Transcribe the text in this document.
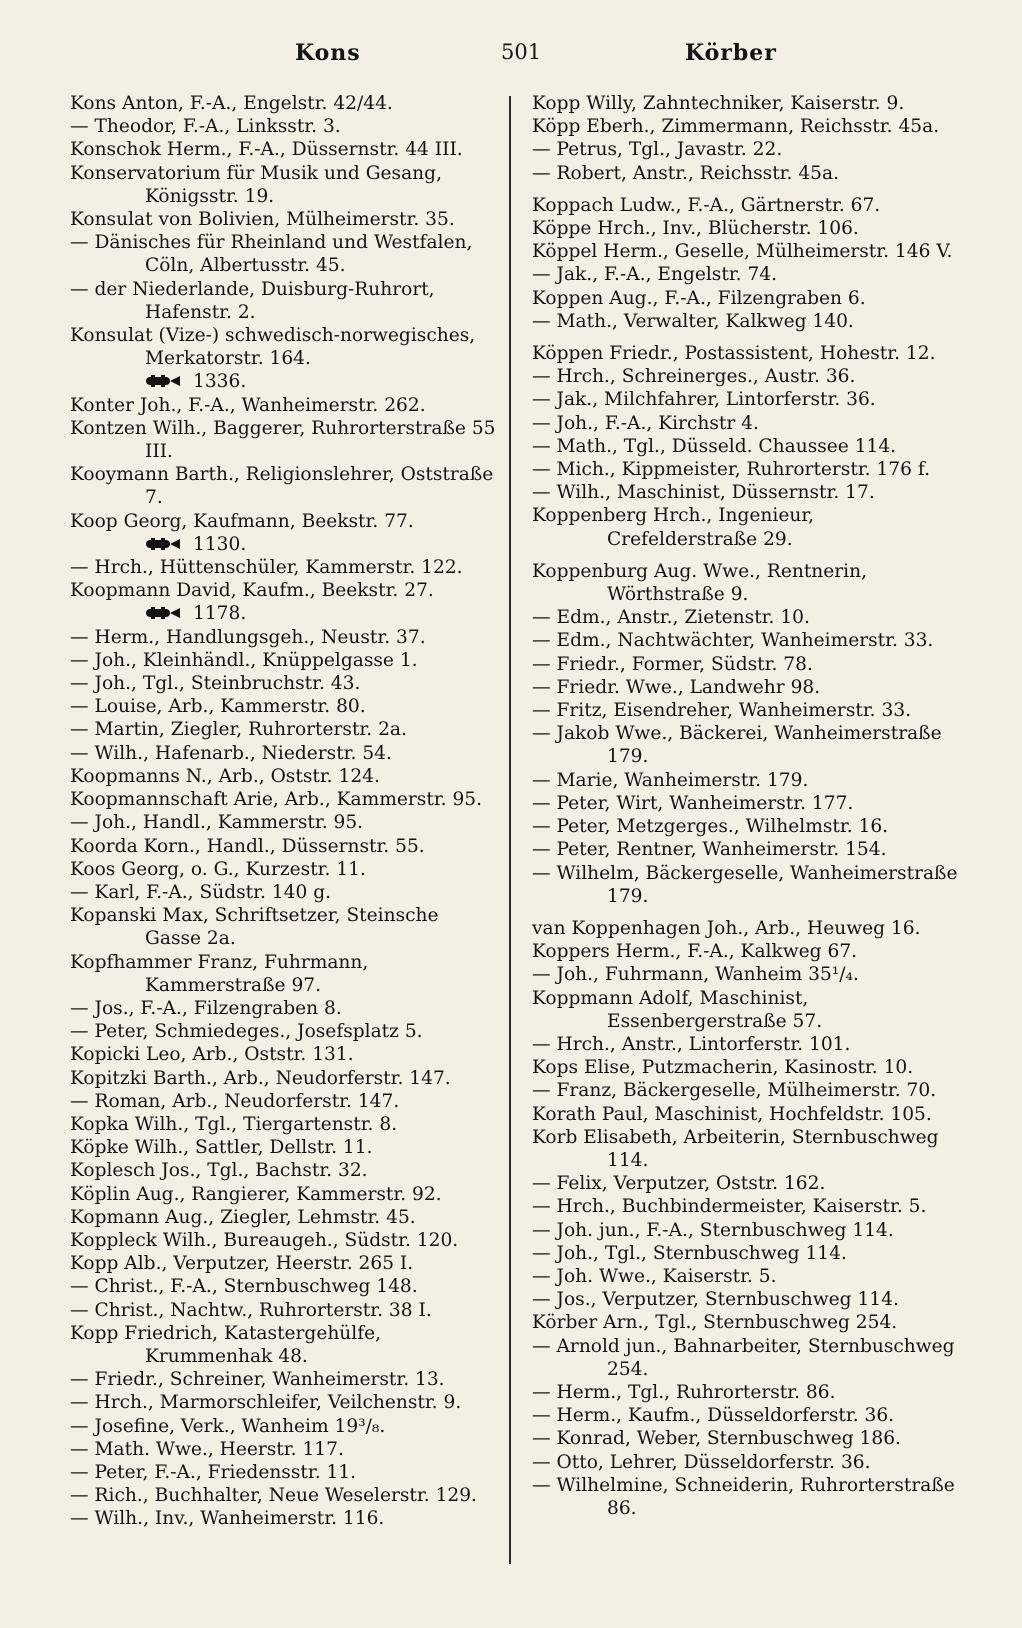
Kons	501	Körber

Kons Anton, F.-A., Engelstr. 42/44.

— Theodor, F.-A., Linksstr. 3.

Konschok Herm., F.-A., Düssernstr. 44 III.

Konservatorium für Musik und Gesang, Königsstr. 19.

Konsulat von Bolivien, Mülheimerstr. 35.

— Dänisches für Rheinland und Westfalen, Cöln, Albertusstr. 45.

— der Niederlande, Duisburg-Ruhrort, Hafenstr. 2.

Konsulat (Vize-) schwedisch-norwegisches, Merkatorstr. 164.

1336.

Konter Joh., F.-A., Wanheimerstr. 262.

Kontzen Wilh., Baggerer, Ruhrorterstraße 55 III.

Kooymann Barth., Religionslehrer, Oststraße 7.

Koop Georg, Kaufmann, Beekstr. 77.

1130.

— Hrch., Hüttenschüler, Kammerstr. 122.

Koopmann David, Kaufm., Beekstr. 27.

1178.

— Herm., Handlungsgeh., Neustr. 37.

— Joh., Kleinhändl., Knüppelgasse 1.

— Joh., Tgl., Steinbruchstr. 43.

— Louise, Arb., Kammerstr. 80.

— Martin, Ziegler, Ruhrorterstr. 2a.

— Wilh., Hafenarb., Niederstr. 54.

Koopmanns N., Arb., Oststr. 124.

Koopmannschaft Arie, Arb., Kammerstr. 95.

— Joh., Handl., Kammerstr. 95.

Koorda Korn., Handl., Düssernstr. 55.

Koos Georg, o. G., Kurzestr. 11.

— Karl, F.-A., Südstr. 140 g.

Kopanski Max, Schriftsetzer, Steinsche Gasse 2a.

Kopfhammer Franz, Fuhrmann, Kammerstraße 97.

— Jos., F.-A., Filzengraben 8.

— Peter, Schmiedeges., Josefsplatz 5.

Kopicki Leo, Arb., Oststr. 131.

Kopitzki Barth., Arb., Neudorferstr. 147.

— Roman, Arb., Neudorferstr. 147.

Kopka Wilh., Tgl., Tiergartenstr. 8.

Köpke Wilh., Sattler, Dellstr. 11.

Koplesch Jos., Tgl., Bachstr. 32.

Köplin Aug., Rangierer, Kammerstr. 92.

Kopmann Aug., Ziegler, Lehmstr. 45.

Koppleck Wilh., Bureaugeh., Südstr. 120.

Kopp Alb., Verputzer, Heerstr. 265 I.

— Christ., F.-A., Sternbuschweg 148.

— Christ., Nachtw., Ruhrorterstr. 38 I.

Kopp Friedrich, Katastergehülfe, Krummenhak 48.

— Friedr., Schreiner, Wanheimerstr. 13.

— Hrch., Marmorschleifer, Veilchenstr. 9.

— Josefine, Verk., Wanheim 19³/₈.

— Math. Wwe., Heerstr. 117.

— Peter, F.-A., Friedensstr. 11.

— Rich., Buchhalter, Neue Weselerstr. 129.

— Wilh., Inv., Wanheimerstr. 116.

Kopp Willy, Zahntechniker, Kaiserstr. 9.

Köpp Eberh., Zimmermann, Reichsstr. 45a.

— Petrus, Tgl., Javastr. 22.

— Robert, Anstr., Reichsstr. 45a.

Koppach Ludw., F.-A., Gärtnerstr. 67.

Köppe Hrch., Inv., Blücherstr. 106.

Köppel Herm., Geselle, Mülheimerstr. 146 V.

— Jak., F.-A., Engelstr. 74.

Koppen Aug., F.-A., Filzengraben 6.

— Math., Verwalter, Kalkweg 140.

Köppen Friedr., Postassistent, Hohestr. 12.

— Hrch., Schreinerges., Austr. 36.

— Jak., Milchfahrer, Lintorferstr. 36.

— Joh., F.-A., Kirchstr 4.

— Math., Tgl., Düsseld. Chaussee 114.

— Mich., Kippmeister, Ruhrorterstr. 176 f.

— Wilh., Maschinist, Düssernstr. 17.

Koppenberg Hrch., Ingenieur, Crefelderstraße 29.

Koppenburg Aug. Wwe., Rentnerin, Wörthstraße 9.

— Edm., Anstr., Zietenstr. 10.

— Edm., Nachtwächter, Wanheimerstr. 33.

— Friedr., Former, Südstr. 78.

— Friedr. Wwe., Landwehr 98.

— Fritz, Eisendreher, Wanheimerstr. 33.

— Jakob Wwe., Bäckerei, Wanheimerstraße 179.

— Marie, Wanheimerstr. 179.

— Peter, Wirt, Wanheimerstr. 177.

— Peter, Metzgerges., Wilhelmstr. 16.

— Peter, Rentner, Wanheimerstr. 154.

— Wilhelm, Bäckergeselle, Wanheimerstraße 179.

van Koppenhagen Joh., Arb., Heuweg 16.

Koppers Herm., F.-A., Kalkweg 67.

— Joh., Fuhrmann, Wanheim 35¹/₄.

Koppmann Adolf, Maschinist, Essenbergerstraße 57.

— Hrch., Anstr., Lintorferstr. 101.

Kops Elise, Putzmacherin, Kasinostr. 10.

— Franz, Bäckergeselle, Mülheimerstr. 70.

Korath Paul, Maschinist, Hochfeldstr. 105.

Korb Elisabeth, Arbeiterin, Sternbuschweg 114.

— Felix, Verputzer, Oststr. 162.

— Hrch., Buchbindermeister, Kaiserstr. 5.

— Joh. jun., F.-A., Sternbuschweg 114.

— Joh., Tgl., Sternbuschweg 114.

— Joh. Wwe., Kaiserstr. 5.

— Jos., Verputzer, Sternbuschweg 114.

Körber Arn., Tgl., Sternbuschweg 254.

— Arnold jun., Bahnarbeiter, Sternbuschweg 254.

— Herm., Tgl., Ruhrorterstr. 86.

— Herm., Kaufm., Düsseldorferstr. 36.

— Konrad, Weber, Sternbuschweg 186.

— Otto, Lehrer, Düsseldorferstr. 36.

— Wilhelmine, Schneiderin, Ruhrorterstraße 86.
